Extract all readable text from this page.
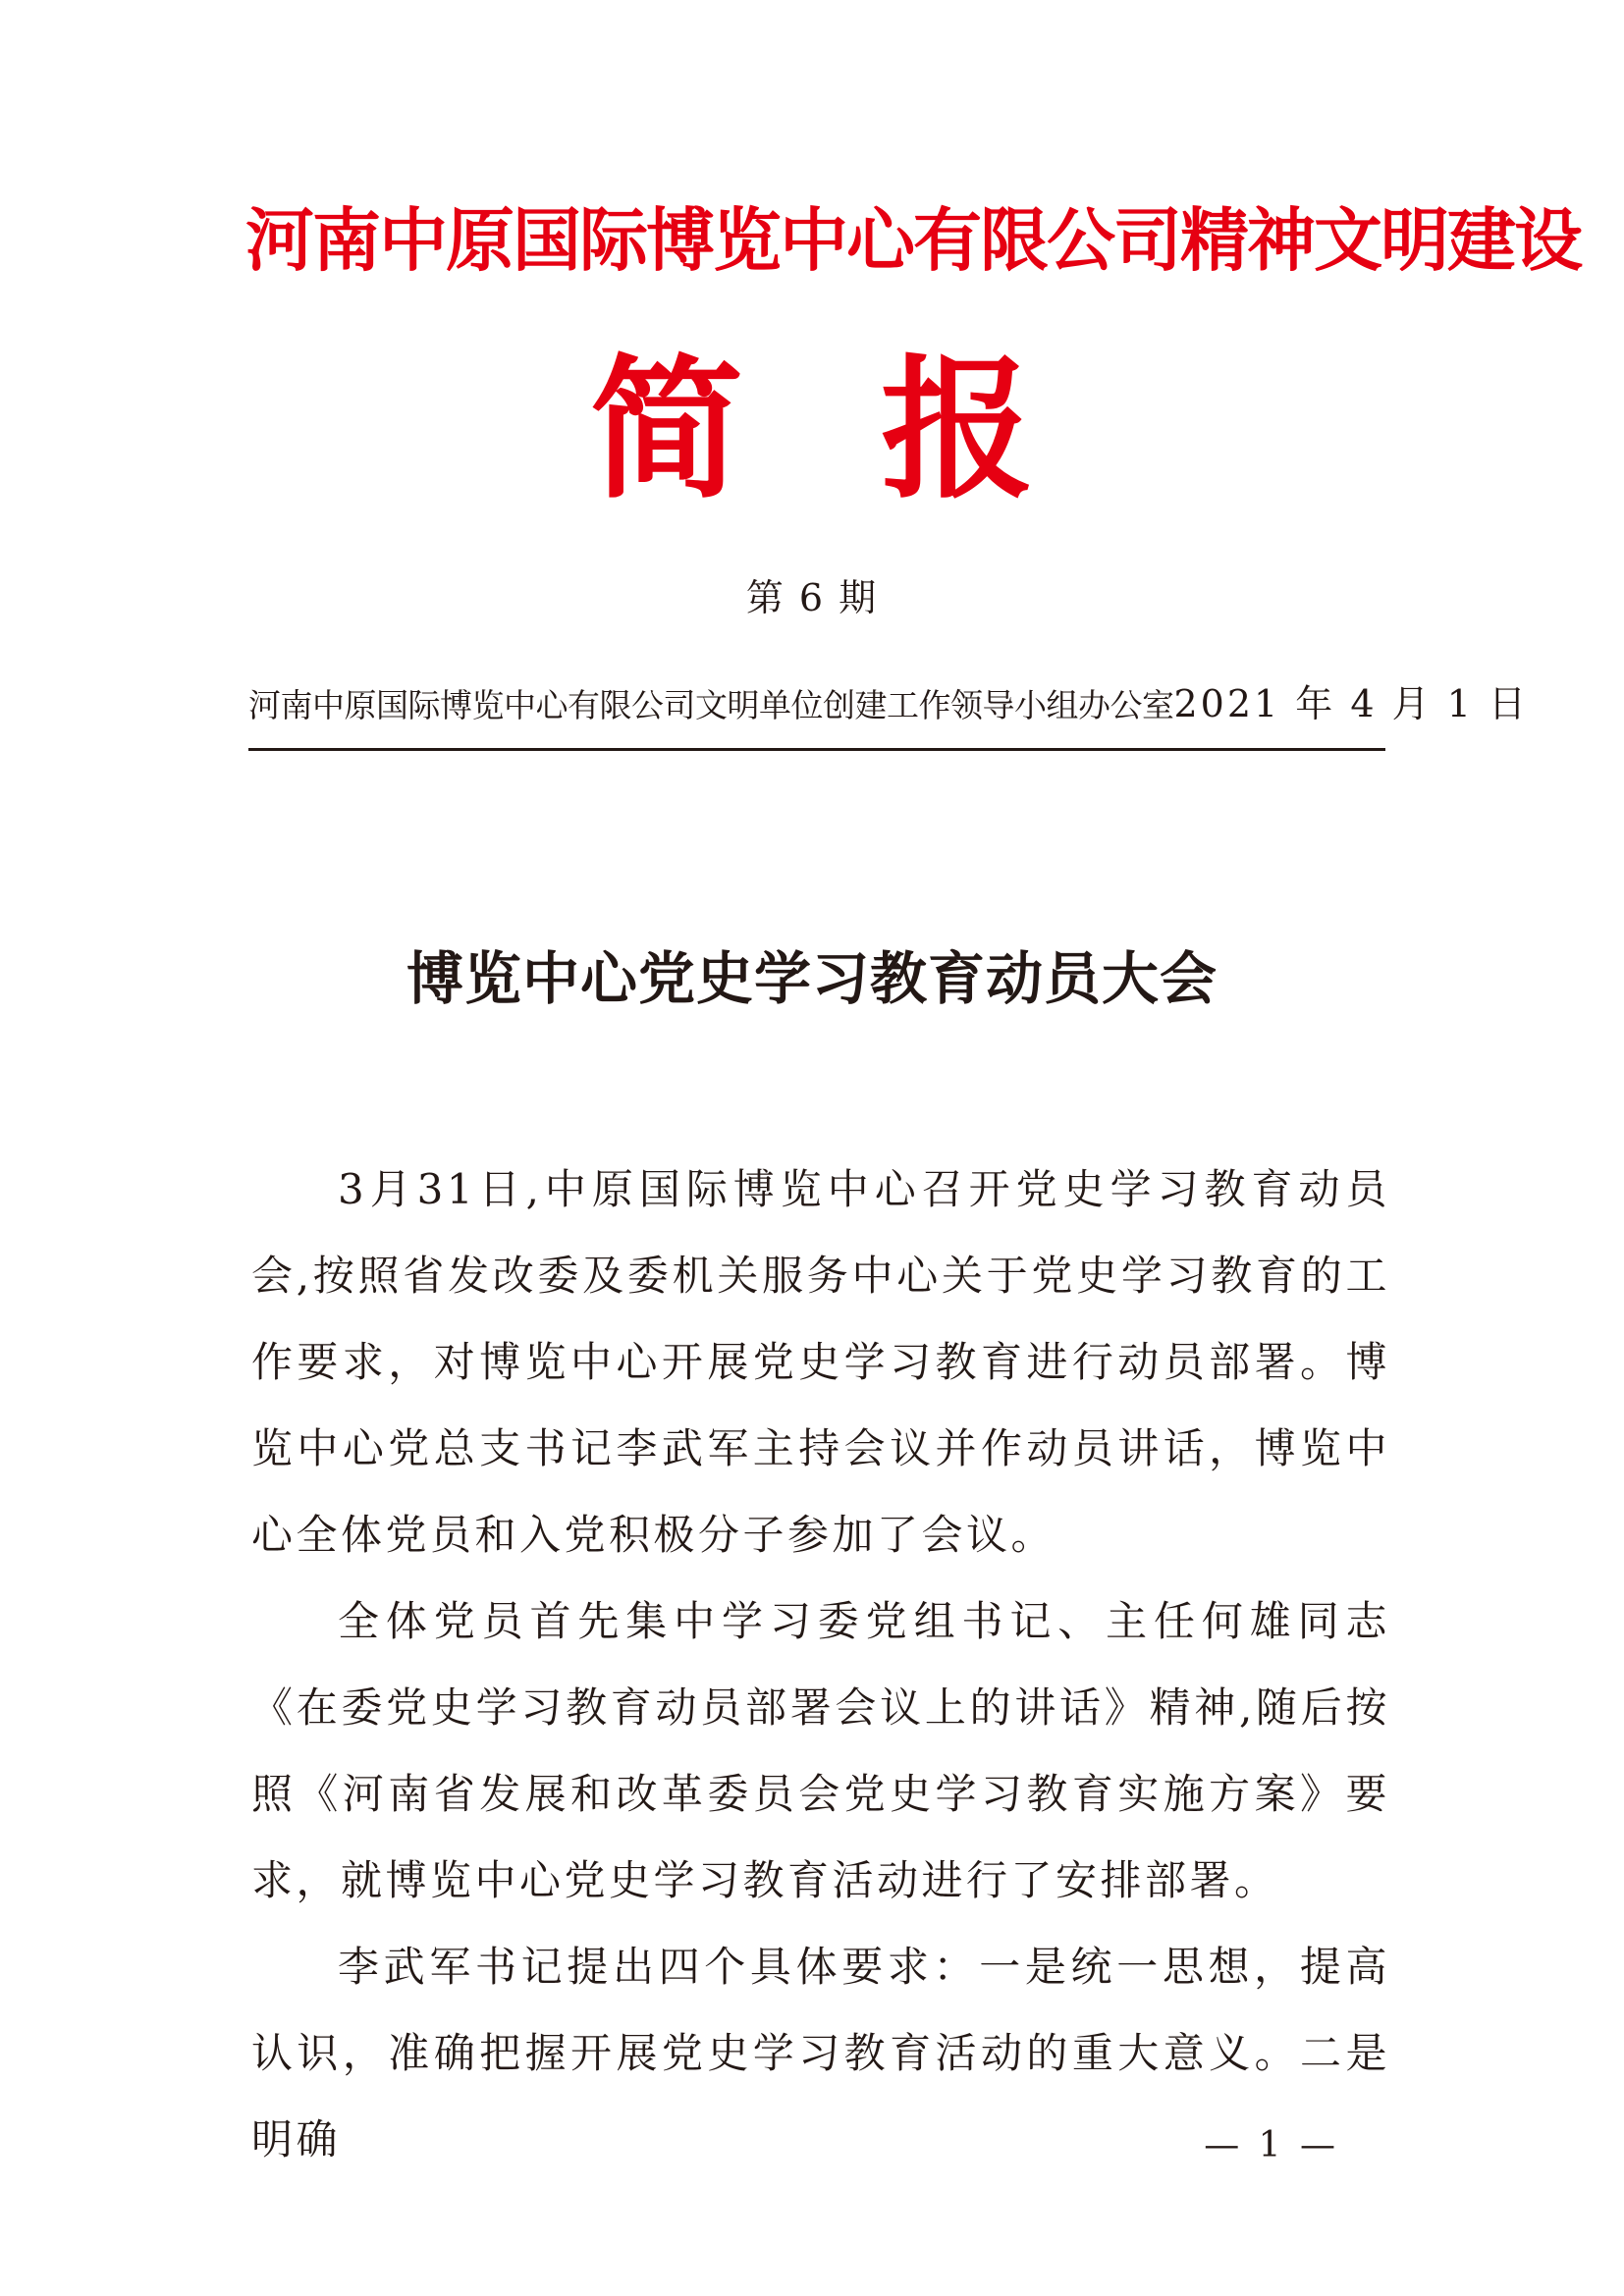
河南中原国际博览中心有限公司精神文明建设
简报
第 6 期
河南中原国际博览中心有限公司文明单位创建工作领导小组办公室 2021 年 4 月 1 日
博览中心党史学习教育动员大会

3月31日,中原国际博览中心召开党史学习教育动员会,按照省发改委及委机关服务中心关于党史学习教育的工作要求，对博览中心开展党史学习教育进行动员部署。博览中心党总支书记李武军主持会议并作动员讲话，博览中心全体党员和入党积极分子参加了会议。

全体党员首先集中学习委党组书记、主任何雄同志《在委党史学习教育动员部署会议上的讲话》精神,随后按照《河南省发展和改革委员会党史学习教育实施方案》要求，就博览中心党史学习教育活动进行了安排部署。

李武军书记提出四个具体要求：一是统一思想，提高认识，准确把握开展党史学习教育活动的重大意义。二是明确	— 1 —
